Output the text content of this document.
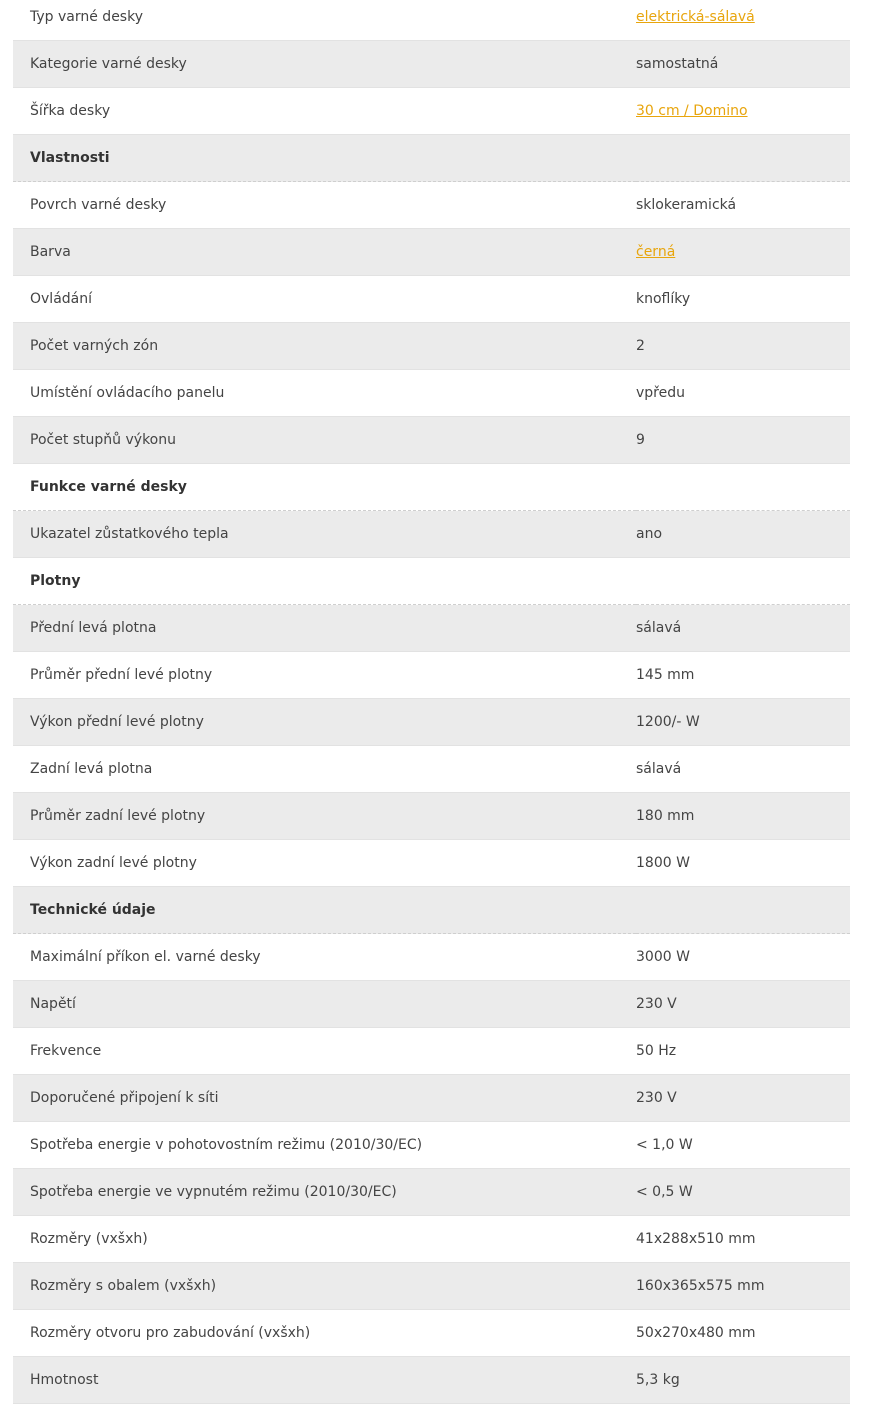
Typ varné desky	elektrická-sálavá
Kategorie varné desky	samostatná
Šířka desky	30 cm / Domino
Vlastnosti	
Povrch varné desky	sklokeramická
Barva	černá
Ovládání	knoflíky
Počet varných zón	2
Umístění ovládacího panelu	vpředu
Počet stupňů výkonu	9
Funkce varné desky	
Ukazatel zůstatkového tepla	ano
Plotny	
Přední levá plotna	sálavá
Průměr přední levé plotny	145 mm
Výkon přední levé plotny	1200/- W
Zadní levá plotna	sálavá
Průměr zadní levé plotny	180 mm
Výkon zadní levé plotny	1800 W
Technické údaje	
Maximální příkon el. varné desky	3000 W
Napětí	230 V
Frekvence	50 Hz
Doporučené připojení k síti	230 V
Spotřeba energie v pohotovostním režimu (2010/30/EC)	< 1,0 W
Spotřeba energie ve vypnutém režimu (2010/30/EC)	< 0,5 W
Rozměry (vxšxh)	41x288x510 mm
Rozměry s obalem (vxšxh)	160x365x575 mm
Rozměry otvoru pro zabudování (vxšxh)	50x270x480 mm
Hmotnost	5,3 kg
